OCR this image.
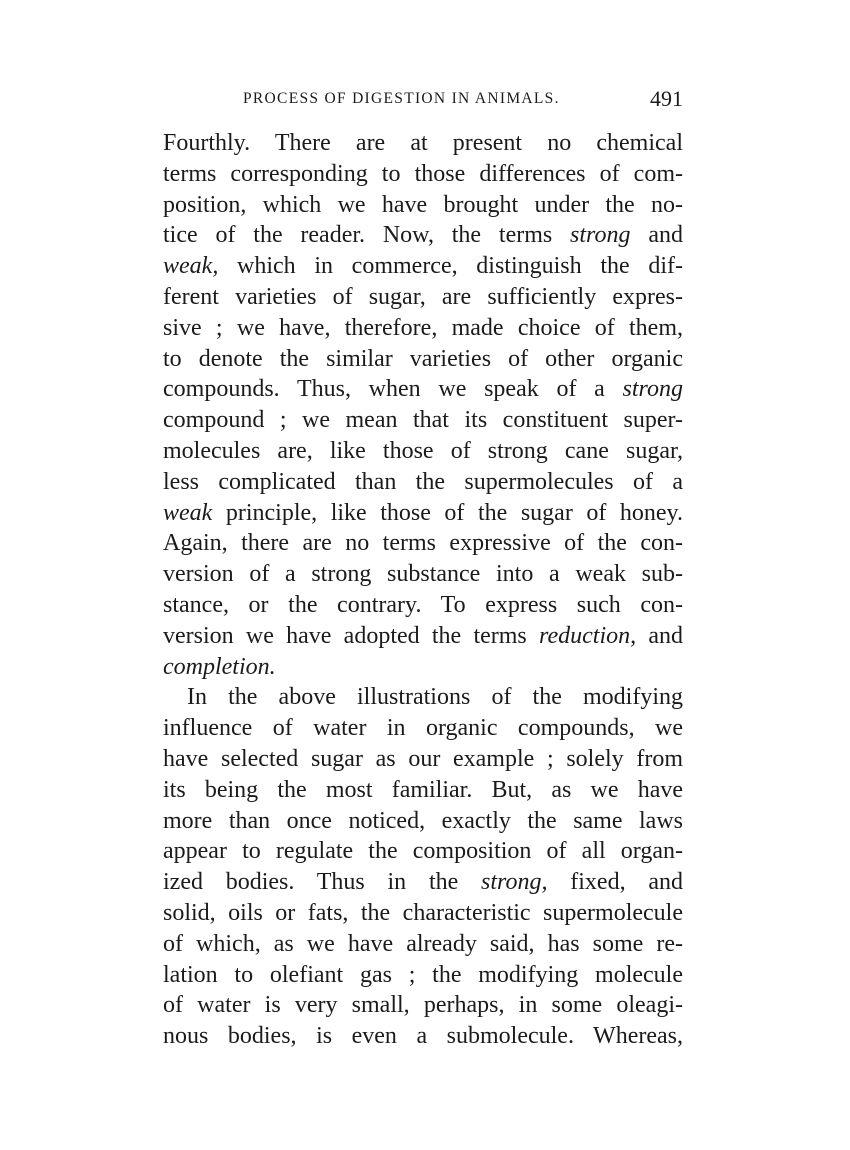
PROCESS OF DIGESTION IN ANIMALS.	491
Fourthly. There are at present no chemical
terms corresponding to those differences of com-
position, which we have brought under the no-
tice of the reader. Now, the terms strong and
weak, which in commerce, distinguish the dif-
ferent varieties of sugar, are sufficiently expres-
sive ; we have, therefore, made choice of them,
to denote the similar varieties of other organic
compounds. Thus, when we speak of a strong
compound ; we mean that its constituent super-
molecules are, like those of strong cane sugar,
less complicated than the supermolecules of a
weak principle, like those of the sugar of honey.
Again, there are no terms expressive of the con-
version of a strong substance into a weak sub-
stance, or the contrary. To express such con-
version we have adopted the terms reduction, and
completion.
In the above illustrations of the modifying
influence of water in organic compounds, we
have selected sugar as our example ; solely from
its being the most familiar. But, as we have
more than once noticed, exactly the same laws
appear to regulate the composition of all organ-
ized bodies. Thus in the strong, fixed, and
solid, oils or fats, the characteristic supermolecule
of which, as we have already said, has some re-
lation to olefiant gas ; the modifying molecule
of water is very small, perhaps, in some oleagi-
nous bodies, is even a submolecule. Whereas,
